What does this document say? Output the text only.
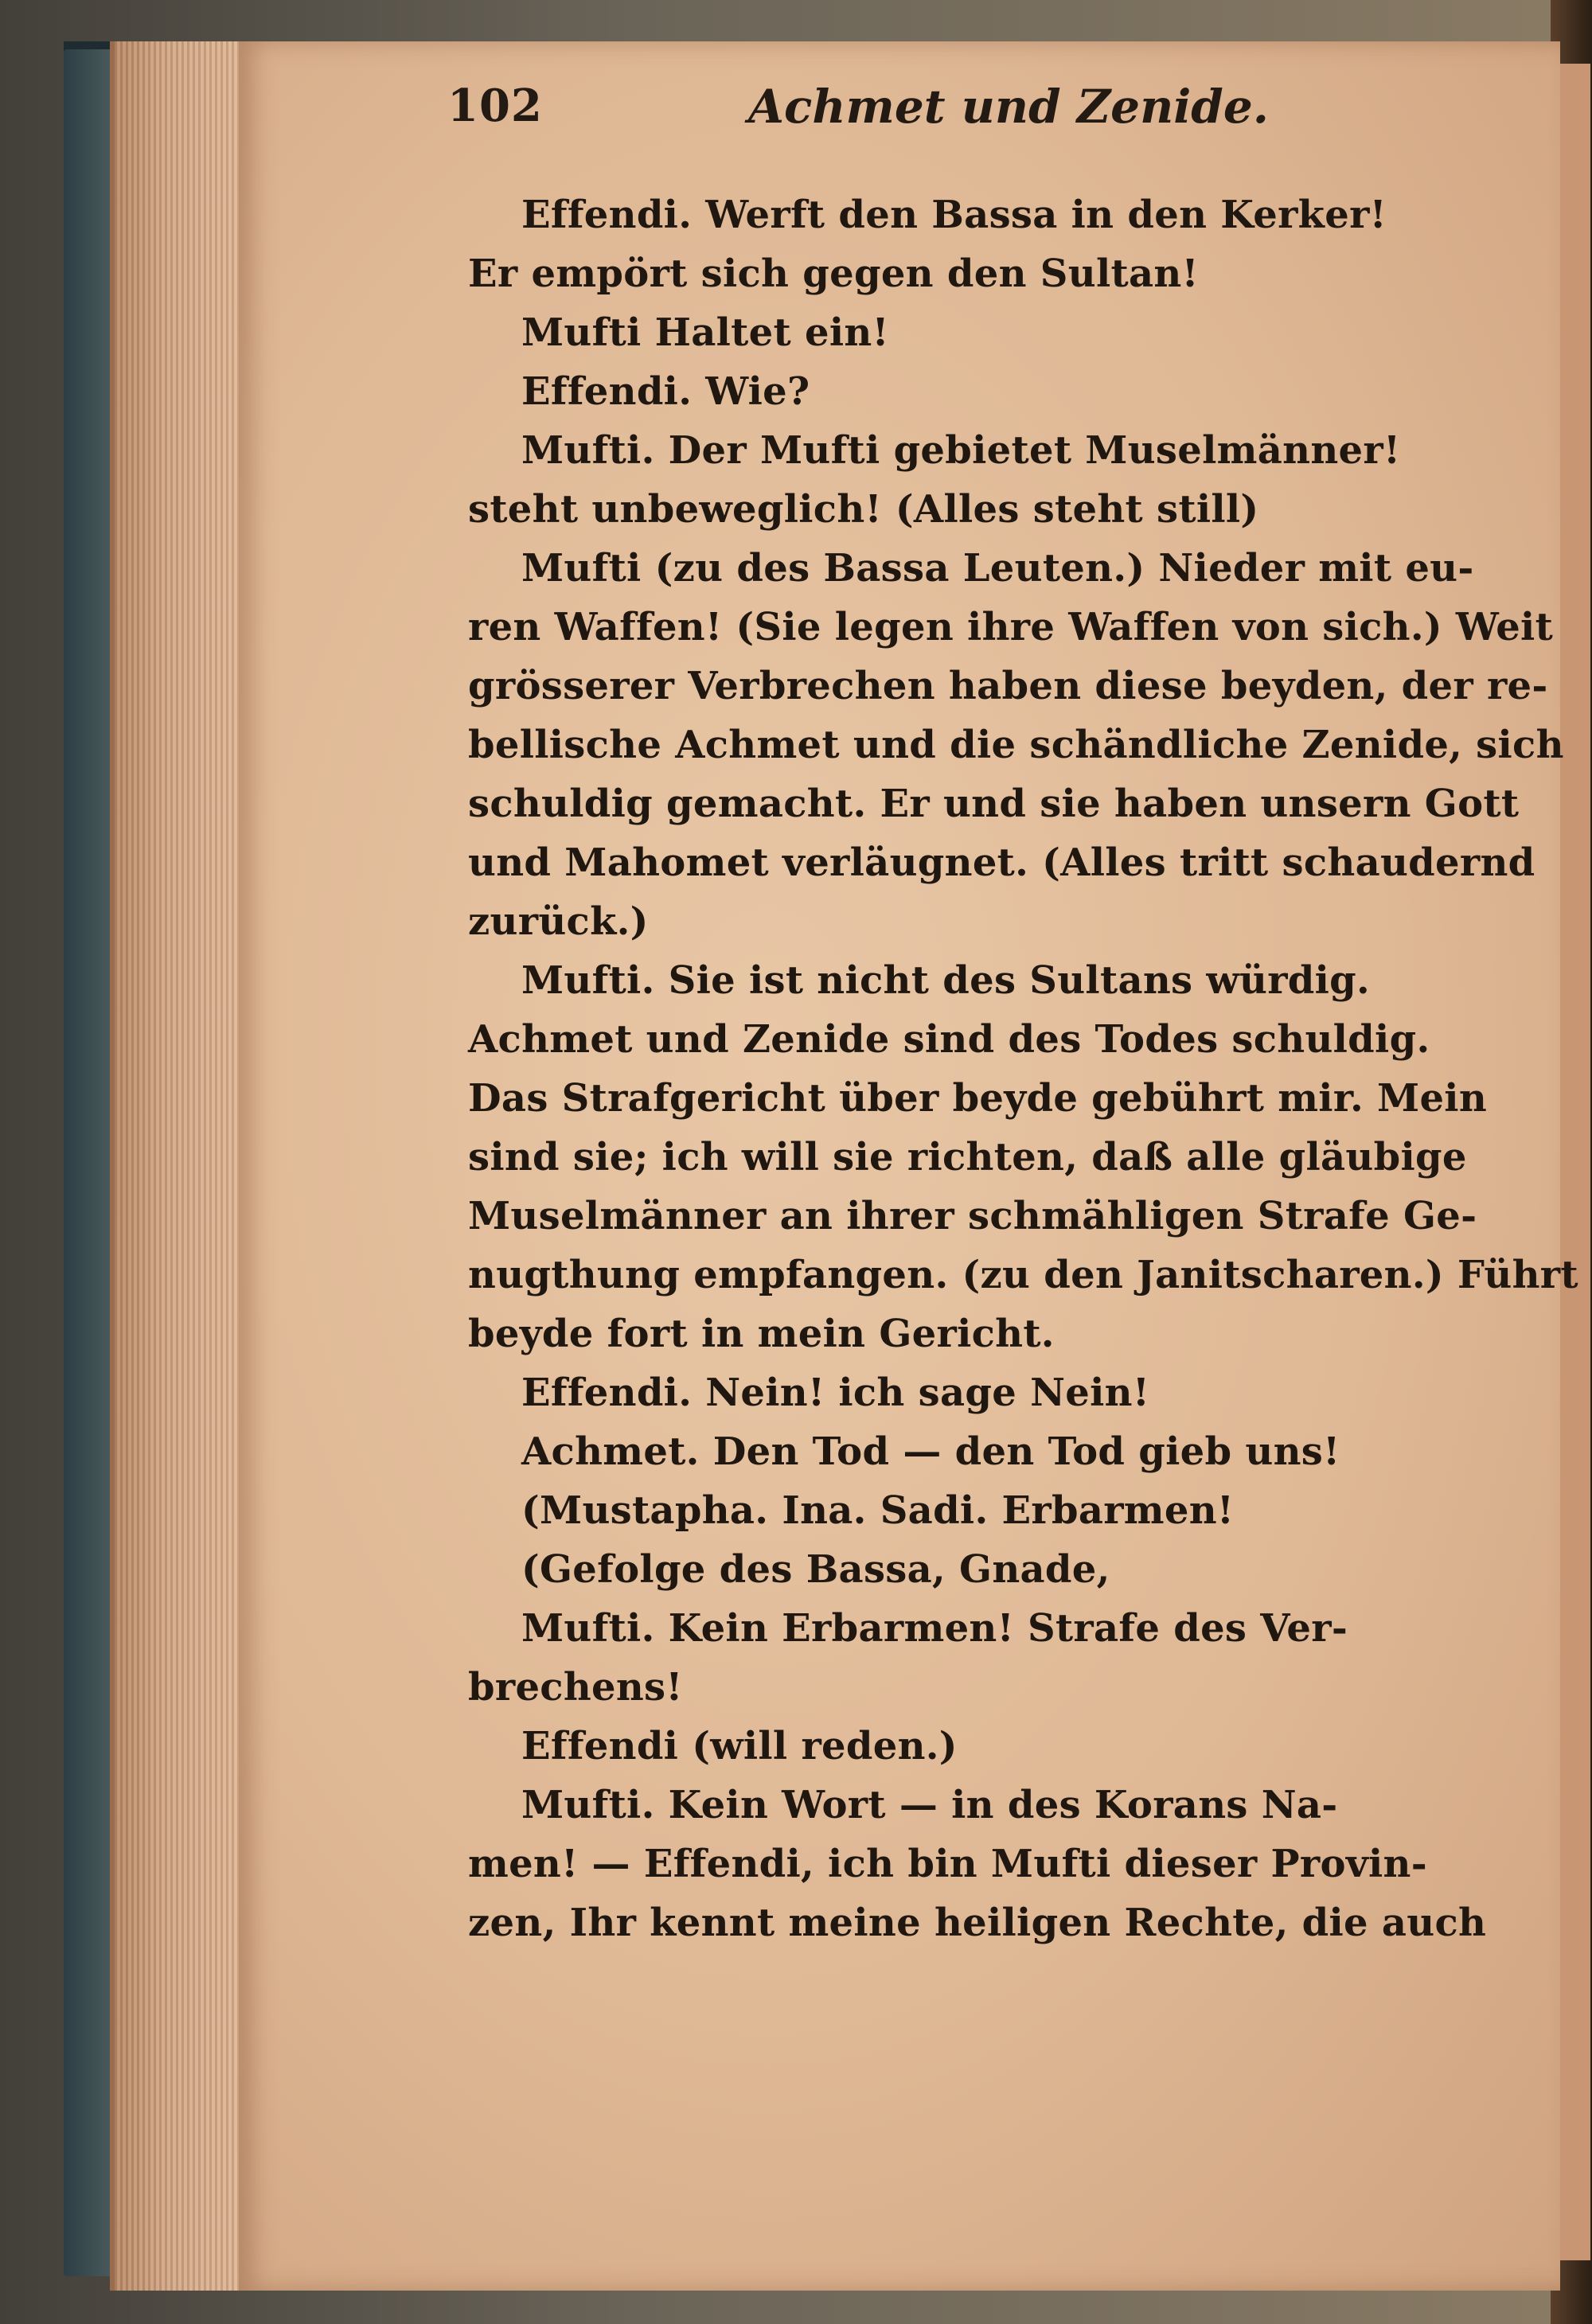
102	Achmet und Zenide.
Effendi. Werft den Bassa in den Kerker!
Er empört sich gegen den Sultan!
Mufti Haltet ein!
Effendi. Wie?
Mufti. Der Mufti gebietet Muselmänner!
steht unbeweglich! (Alles steht still)
Mufti (zu des Bassa Leuten.) Nieder mit eu-
ren Waffen! (Sie legen ihre Waffen von sich.) Weit
grösserer Verbrechen haben diese beyden, der re-
bellische Achmet und die schändliche Zenide, sich
schuldig gemacht. Er und sie haben unsern Gott
und Mahomet verläugnet. (Alles tritt schaudernd
zurück.)
Mufti. Sie ist nicht des Sultans würdig.
Achmet und Zenide sind des Todes schuldig.
Das Strafgericht über beyde gebührt mir. Mein
sind sie; ich will sie richten, daß alle gläubige
Muselmänner an ihrer schmähligen Strafe Ge-
nugthung empfangen. (zu den Janitscharen.) Führt
beyde fort in mein Gericht.
Effendi. Nein! ich sage Nein!
Achmet. Den Tod — den Tod gieb uns!
(Mustapha. Ina. Sadi. Erbarmen!
(Gefolge des Bassa, Gnade,
Mufti. Kein Erbarmen! Strafe des Ver-
brechens!
Effendi (will reden.)
Mufti. Kein Wort — in des Korans Na-
men! — Effendi, ich bin Mufti dieser Provin-
zen, Ihr kennt meine heiligen Rechte, die auch
